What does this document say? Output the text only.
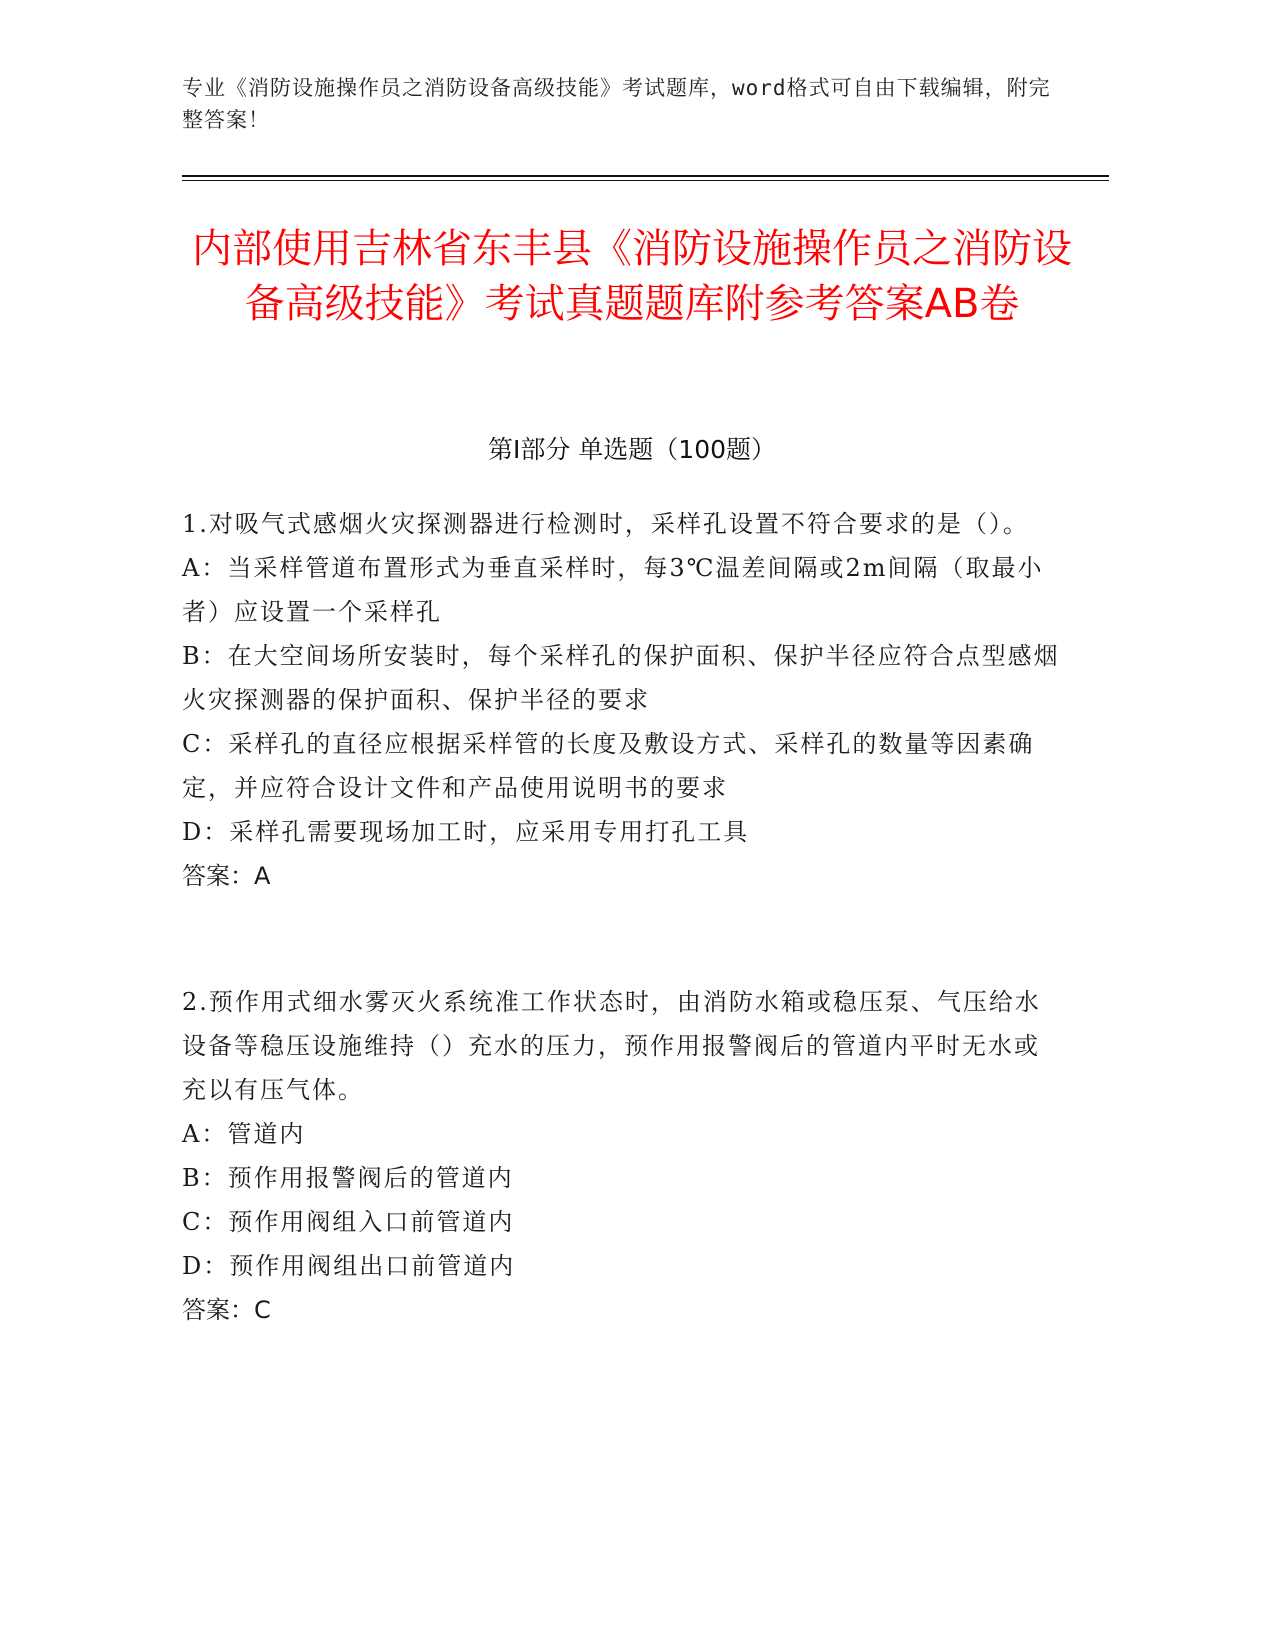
专业《消防设施操作员之消防设备高级技能》考试题库，word格式可自由下载编辑，附完整答案！
内部使用吉林省东丰县《消防设施操作员之消防设备高级技能》考试真题题库附参考答案AB卷
第I部分 单选题（100题）

1.对吸气式感烟火灾探测器进行检测时，采样孔设置不符合要求的是（）。

A：当采样管道布置形式为垂直采样时，每3℃温差间隔或2m间隔（取最小者）应设置一个采样孔

B：在大空间场所安装时，每个采样孔的保护面积、保护半径应符合点型感烟火灾探测器的保护面积、保护半径的要求

C：采样孔的直径应根据采样管的长度及敷设方式、采样孔的数量等因素确定，并应符合设计文件和产品使用说明书的要求

D：采样孔需要现场加工时，应采用专用打孔工具

答案：A

2.预作用式细水雾灭火系统准工作状态时，由消防水箱或稳压泵、气压给水设备等稳压设施维持（）充水的压力，预作用报警阀后的管道内平时无水或充以有压气体。

A：管道内

B：预作用报警阀后的管道内

C：预作用阀组入口前管道内

D：预作用阀组出口前管道内

答案：C
